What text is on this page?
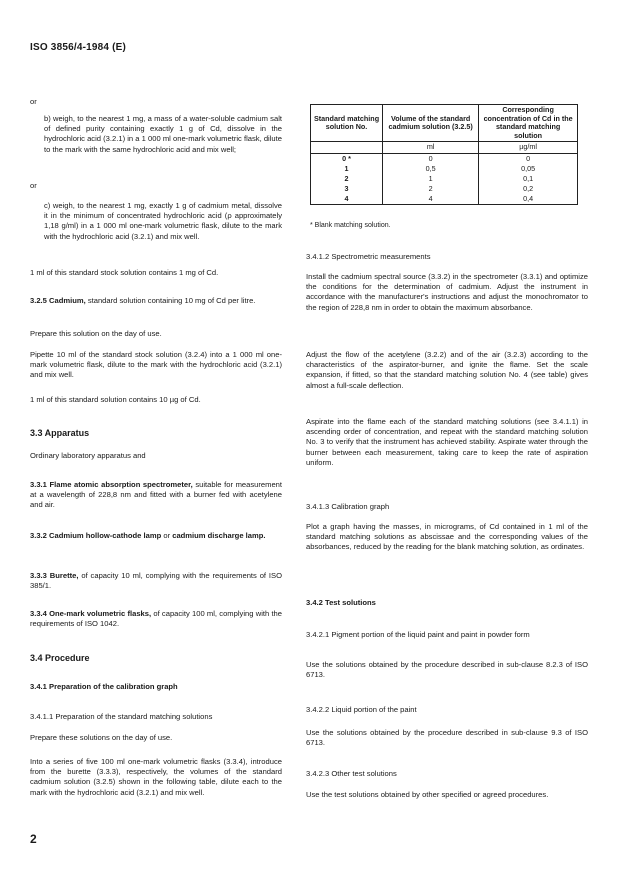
ISO 3856/4-1984 (E)

or

b) weigh, to the nearest 1 mg, a mass of a water-soluble cadmium salt of defined purity containing exactly 1 g of Cd, dissolve in the hydrochloric acid (3.2.1) in a 1 000 ml one-mark volumetric flask, dilute to the mark with the same hydrochloric acid and mix well;

or

c) weigh, to the nearest 1 mg, exactly 1 g of cadmium metal, dissolve it in the minimum of concentrated hydrochloric acid (ρ approximately 1,18 g/ml) in a 1 000 ml one-mark volumetric flask, dilute to the mark with the hydrochloric acid (3.2.1) and mix well.

1 ml of this standard stock solution contains 1 mg of Cd.

3.2.5 Cadmium, standard solution containing 10 mg of Cd per litre.

Prepare this solution on the day of use.

Pipette 10 ml of the standard stock solution (3.2.4) into a 1 000 ml one-mark volumetric flask, dilute to the mark with the hydrochloric acid (3.2.1) and mix well.

1 ml of this standard solution contains 10 µg of Cd.

3.3 Apparatus

Ordinary laboratory apparatus and

3.3.1 Flame atomic absorption spectrometer, suitable for measurement at a wavelength of 228,8 nm and fitted with a burner fed with acetylene and air.

3.3.2 Cadmium hollow-cathode lamp or cadmium discharge lamp.

3.3.3 Burette, of capacity 10 ml, complying with the requirements of ISO 385/1.

3.3.4 One-mark volumetric flasks, of capacity 100 ml, complying with the requirements of ISO 1042.

3.4 Procedure

3.4.1 Preparation of the calibration graph

3.4.1.1 Preparation of the standard matching solutions

Prepare these solutions on the day of use.

Into a series of five 100 ml one-mark volumetric flasks (3.3.4), introduce from the burette (3.3.3), respectively, the volumes of the standard cadmium solution (3.2.5) shown in the following table, dilute each to the mark with the hydrochloric acid (3.2.1) and mix well.

Standard matching solution No.	Volume of the standard cadmium solution (3.2.5)	Corresponding concentration of Cd in the standard matching solution
	ml	µg/ml
0 *	0	0
1	0,5	0,05
2	1	0,1
3	2	0,2
4	4	0,4
* Blank matching solution.

3.4.1.2 Spectrometric measurements

Install the cadmium spectral source (3.3.2) in the spectrometer (3.3.1) and optimize the conditions for the determination of cadmium. Adjust the instrument in accordance with the manufacturer's instructions and adjust the monochromator to the region of 228,8 nm in order to obtain the maximum absorbance.

Adjust the flow of the acetylene (3.2.2) and of the air (3.2.3) according to the characteristics of the aspirator-burner, and ignite the flame. Set the scale expansion, if fitted, so that the standard matching solution No. 4 (see table) gives almost a full-scale deflection.

Aspirate into the flame each of the standard matching solutions (see 3.4.1.1) in ascending order of concentration, and repeat with the standard matching solution No. 3 to verify that the instrument has achieved stability. Aspirate water through the burner between each measurement, taking care to keep the rate of aspiration uniform.

3.4.1.3 Calibration graph

Plot a graph having the masses, in micrograms, of Cd contained in 1 ml of the standard matching solutions as abscissae and the corresponding values of the absorbances, reduced by the reading for the blank matching solution, as ordinates.

3.4.2 Test solutions

3.4.2.1 Pigment portion of the liquid paint and paint in powder form

Use the solutions obtained by the procedure described in sub-clause 8.2.3 of ISO 6713.

3.4.2.2 Liquid portion of the paint

Use the solutions obtained by the procedure described in sub-clause 9.3 of ISO 6713.

3.4.2.3 Other test solutions

Use the test solutions obtained by other specified or agreed procedures.

2
